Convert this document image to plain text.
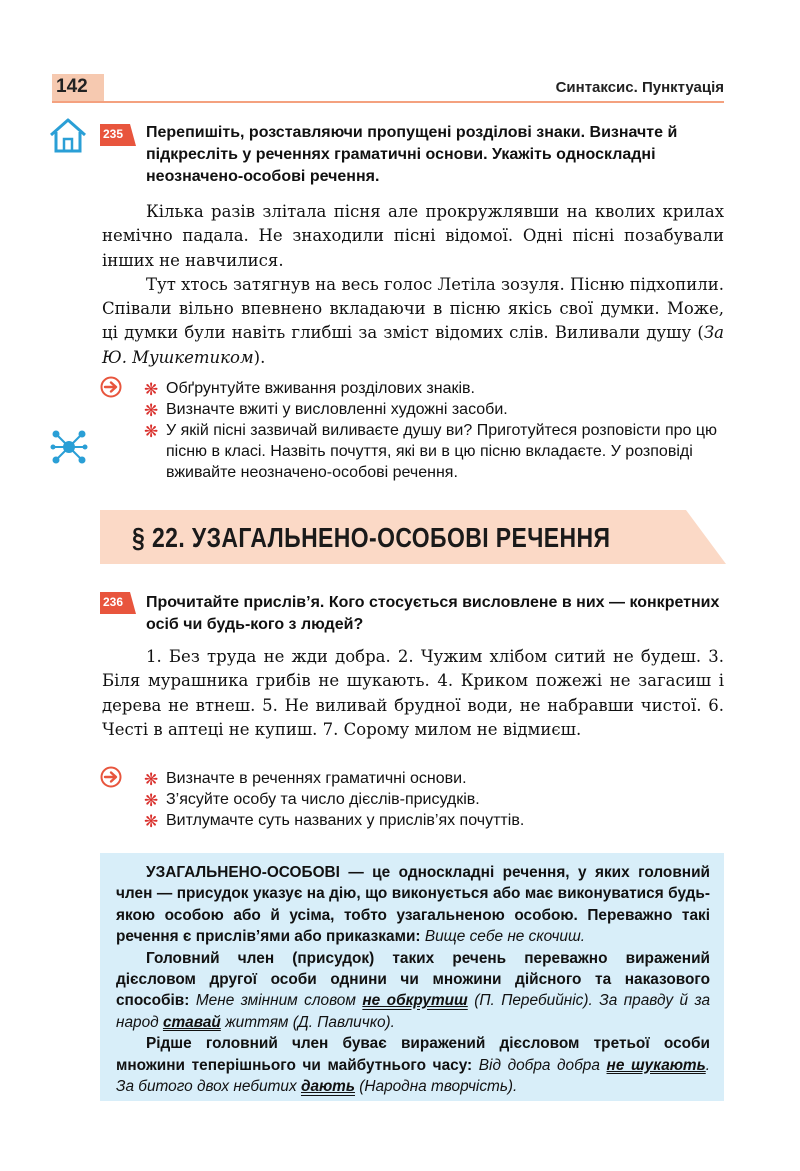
142	Синтаксис. Пунктуація
235 Перепишіть, розставляючи пропущені розділові знаки. Визначте й підкресліть у реченнях граматичні основи. Укажіть односкладні неозначено-особові речення.

Кілька разів злітала пісня але прокружлявши на кволих крилах немічно падала. Не знаходили пісні відомої. Одні пісні позабували інших не навчилися.

Тут хтось затягнув на весь голос Летіла зозуля. Пісню підхопили. Співали вільно впевнено вкладаючи в пісню якісь свої думки. Може, ці думки були навіть глибші за зміст відомих слів. Виливали душу (За Ю. Мушкетиком).

❋ Обґрунтуйте вживання розділових знаків.
❋ Визначте вжиті у висловленні художні засоби.
❋ У якій пісні зазвичай виливаєте душу ви? Приготуйтеся розповісти про цю пісню в класі. Назвіть почуття, які ви в цю пісню вкладаєте. У розповіді вживайте неозначено-особові речення.
§ 22. УЗАГАЛЬНЕНО-ОСОБОВІ РЕЧЕННЯ
236 Прочитайте прислів’я. Кого стосується висловлене в них — конкретних осіб чи будь-кого з людей?

1. Без труда не жди добра. 2. Чужим хлібом ситий не будеш. 3. Біля мурашника грибів не шукають. 4. Криком пожежі не загасиш і дерева не втнеш. 5. Не виливай брудної води, не набравши чистої. 6. Честі в аптеці не купиш. 7. Сорому милом не відмиєш.

❋ Визначте в реченнях граматичні основи.
❋ З’ясуйте особу та число дієслів-присудків.
❋ Витлумачте суть названих у прислів’ях почуттів.

УЗАГАЛЬНЕНО-ОСОБОВІ — це односкладні речення, у яких головний член — присудок указує на дію, що виконується або має виконуватися будь-якою особою або й усіма, тобто узагальненою особою. Переважно такі речення є прислів’ями або приказками: Вище себе не скочиш.

Головний член (присудок) таких речень переважно виражений дієсловом другої особи однини чи множини дійсного та наказового способів: Мене змінним словом не обкрутиш (П. Перебийніс). За правду й за народ ставай життям (Д. Павличко).

Рідше головний член буває виражений дієсловом третьої особи множини теперішнього чи майбутнього часу: Від добра добра не шукають. За битого двох небитих дають (Народна творчість).
